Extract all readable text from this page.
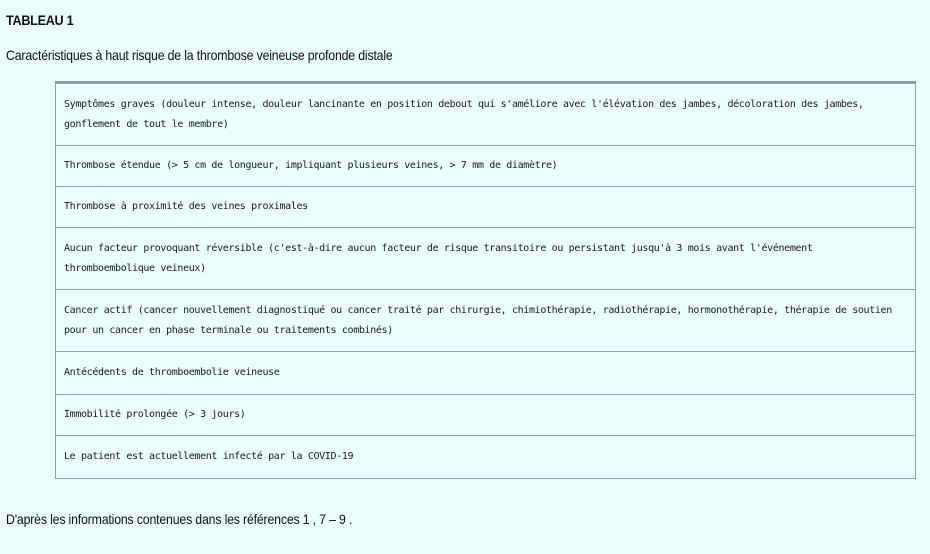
TABLEAU 1
Caractéristiques à haut risque de la thrombose veineuse profonde distale
Symptômes graves (douleur intense, douleur lancinante en position debout qui s'améliore avec l'élévation des jambes, décoloration des jambes, gonflement de tout le membre)
Thrombose étendue (> 5 cm de longueur, impliquant plusieurs veines, > 7 mm de diamètre)
Thrombose à proximité des veines proximales
Aucun facteur provoquant réversible (c'est-à-dire aucun facteur de risque transitoire ou persistant jusqu'à 3 mois avant l'événement thromboembolique veineux)
Cancer actif (cancer nouvellement diagnostiqué ou cancer traité par chirurgie, chimiothérapie, radiothérapie, hormonothérapie, thérapie de soutien pour un cancer en phase terminale ou traitements combinés)
Antécédents de thromboembolie veineuse
Immobilité prolongée (> 3 jours)
Le patient est actuellement infecté par la COVID-19
D'après les informations contenues dans les références 1 , 7 – 9 .
